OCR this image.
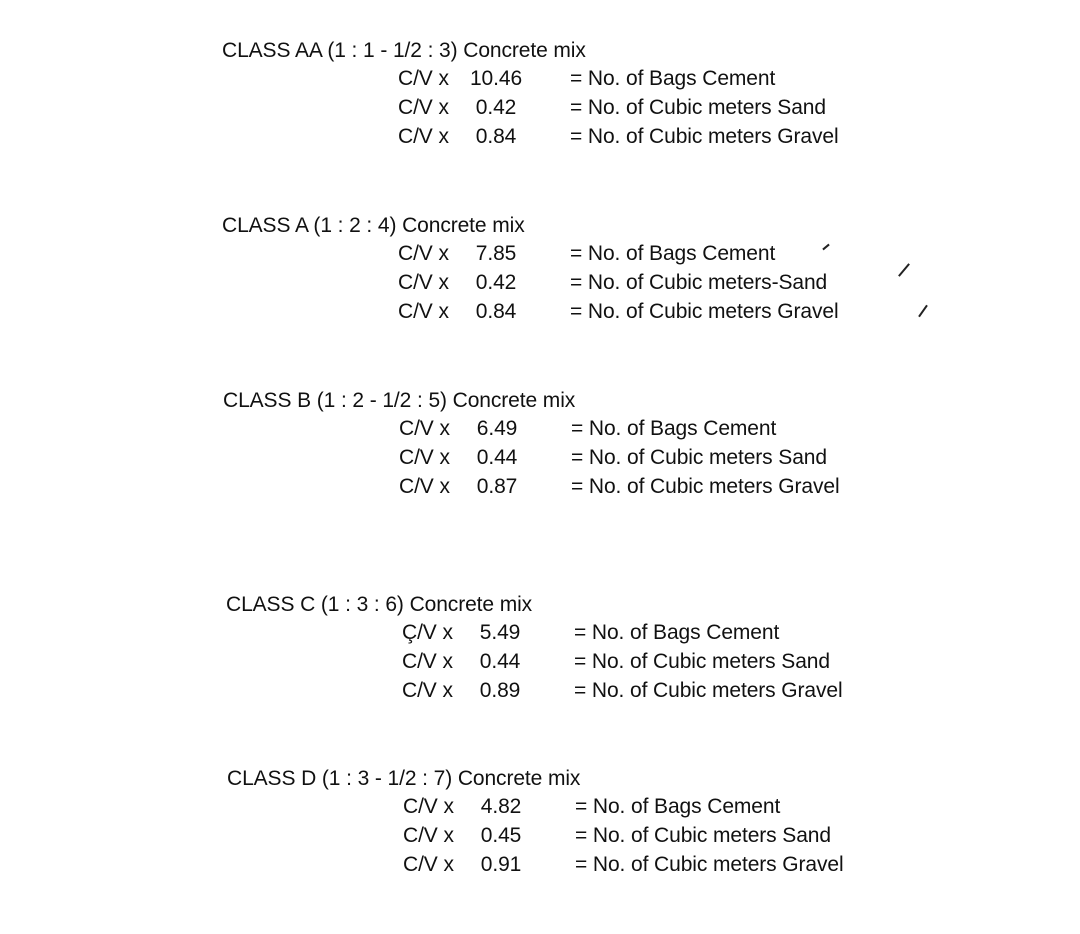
CLASS AA (1 : 1 - 1/2 : 3) Concrete mix
C/V x	10.46	= No. of Bags Cement
C/V x	0.42	= No. of Cubic meters Sand
C/V x	0.84	= No. of Cubic meters Gravel
CLASS A (1 : 2 : 4) Concrete mix
C/V x	7.85	= No. of Bags Cement
C/V x	0.42	= No. of Cubic meters-Sand
C/V x	0.84	= No. of Cubic meters Gravel
CLASS B (1 : 2 - 1/2 : 5) Concrete mix
C/V x	6.49	= No. of Bags Cement
C/V x	0.44	= No. of Cubic meters Sand
C/V x	0.87	= No. of Cubic meters Gravel
CLASS C (1 : 3 : 6) Concrete mix
Ç/V x	5.49	= No. of Bags Cement
C/V x	0.44	= No. of Cubic meters Sand
C/V x	0.89	= No. of Cubic meters Gravel
CLASS D (1 : 3 - 1/2 : 7) Concrete mix
C/V x	4.82	= No. of Bags Cement
C/V x	0.45	= No. of Cubic meters Sand
C/V x	0.91	= No. of Cubic meters Gravel
